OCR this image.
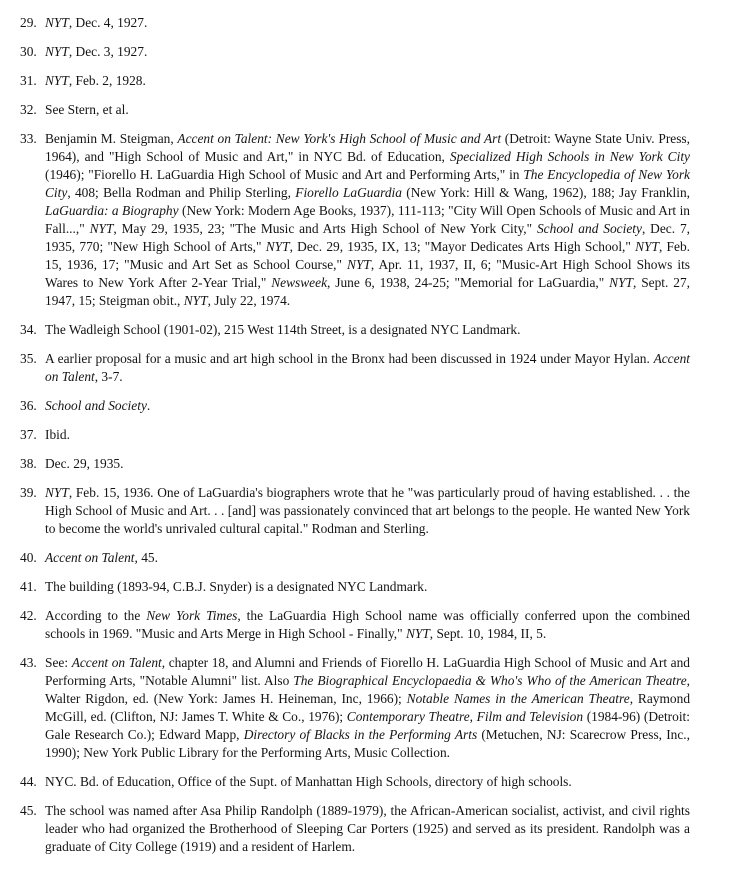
29. NYT, Dec. 4, 1927.
30. NYT, Dec. 3, 1927.
31. NYT, Feb. 2, 1928.
32. See Stern, et al.
33. Benjamin M. Steigman, Accent on Talent: New York's High School of Music and Art (Detroit: Wayne State Univ. Press, 1964), and "High School of Music and Art," in NYC Bd. of Education, Specialized High Schools in New York City (1946); "Fiorello H. LaGuardia High School of Music and Art and Performing Arts," in The Encyclopedia of New York City, 408; Bella Rodman and Philip Sterling, Fiorello LaGuardia (New York: Hill & Wang, 1962), 188; Jay Franklin, LaGuardia: a Biography (New York: Modern Age Books, 1937), 111-113; "City Will Open Schools of Music and Art in Fall...," NYT, May 29, 1935, 23; "The Music and Arts High School of New York City," School and Society, Dec. 7, 1935, 770; "New High School of Arts," NYT, Dec. 29, 1935, IX, 13; "Mayor Dedicates Arts High School," NYT, Feb. 15, 1936, 17; "Music and Art Set as School Course," NYT, Apr. 11, 1937, II, 6; "Music-Art High School Shows its Wares to New York After 2-Year Trial," Newsweek, June 6, 1938, 24-25; "Memorial for LaGuardia," NYT, Sept. 27, 1947, 15; Steigman obit., NYT, July 22, 1974.
34. The Wadleigh School (1901-02), 215 West 114th Street, is a designated NYC Landmark.
35. A earlier proposal for a music and art high school in the Bronx had been discussed in 1924 under Mayor Hylan. Accent on Talent, 3-7.
36. School and Society.
37. Ibid.
38. Dec. 29, 1935.
39. NYT, Feb. 15, 1936. One of LaGuardia's biographers wrote that he "was particularly proud of having established. . . the High School of Music and Art. . . [and] was passionately convinced that art belongs to the people. He wanted New York to become the world's unrivaled cultural capital." Rodman and Sterling.
40. Accent on Talent, 45.
41. The building (1893-94, C.B.J. Snyder) is a designated NYC Landmark.
42. According to the New York Times, the LaGuardia High School name was officially conferred upon the combined schools in 1969. "Music and Arts Merge in High School - Finally," NYT, Sept. 10, 1984, II, 5.
43. See: Accent on Talent, chapter 18, and Alumni and Friends of Fiorello H. LaGuardia High School of Music and Art and Performing Arts, "Notable Alumni" list. Also The Biographical Encyclopaedia & Who's Who of the American Theatre, Walter Rigdon, ed. (New York: James H. Heineman, Inc, 1966); Notable Names in the American Theatre, Raymond McGill, ed. (Clifton, NJ: James T. White & Co., 1976); Contemporary Theatre, Film and Television (1984-96) (Detroit: Gale Research Co.); Edward Mapp, Directory of Blacks in the Performing Arts (Metuchen, NJ: Scarecrow Press, Inc., 1990); New York Public Library for the Performing Arts, Music Collection.
44. NYC. Bd. of Education, Office of the Supt. of Manhattan High Schools, directory of high schools.
45. The school was named after Asa Philip Randolph (1889-1979), the African-American socialist, activist, and civil rights leader who had organized the Brotherhood of Sleeping Car Porters (1925) and served as its president. Randolph was a graduate of City College (1919) and a resident of Harlem.
